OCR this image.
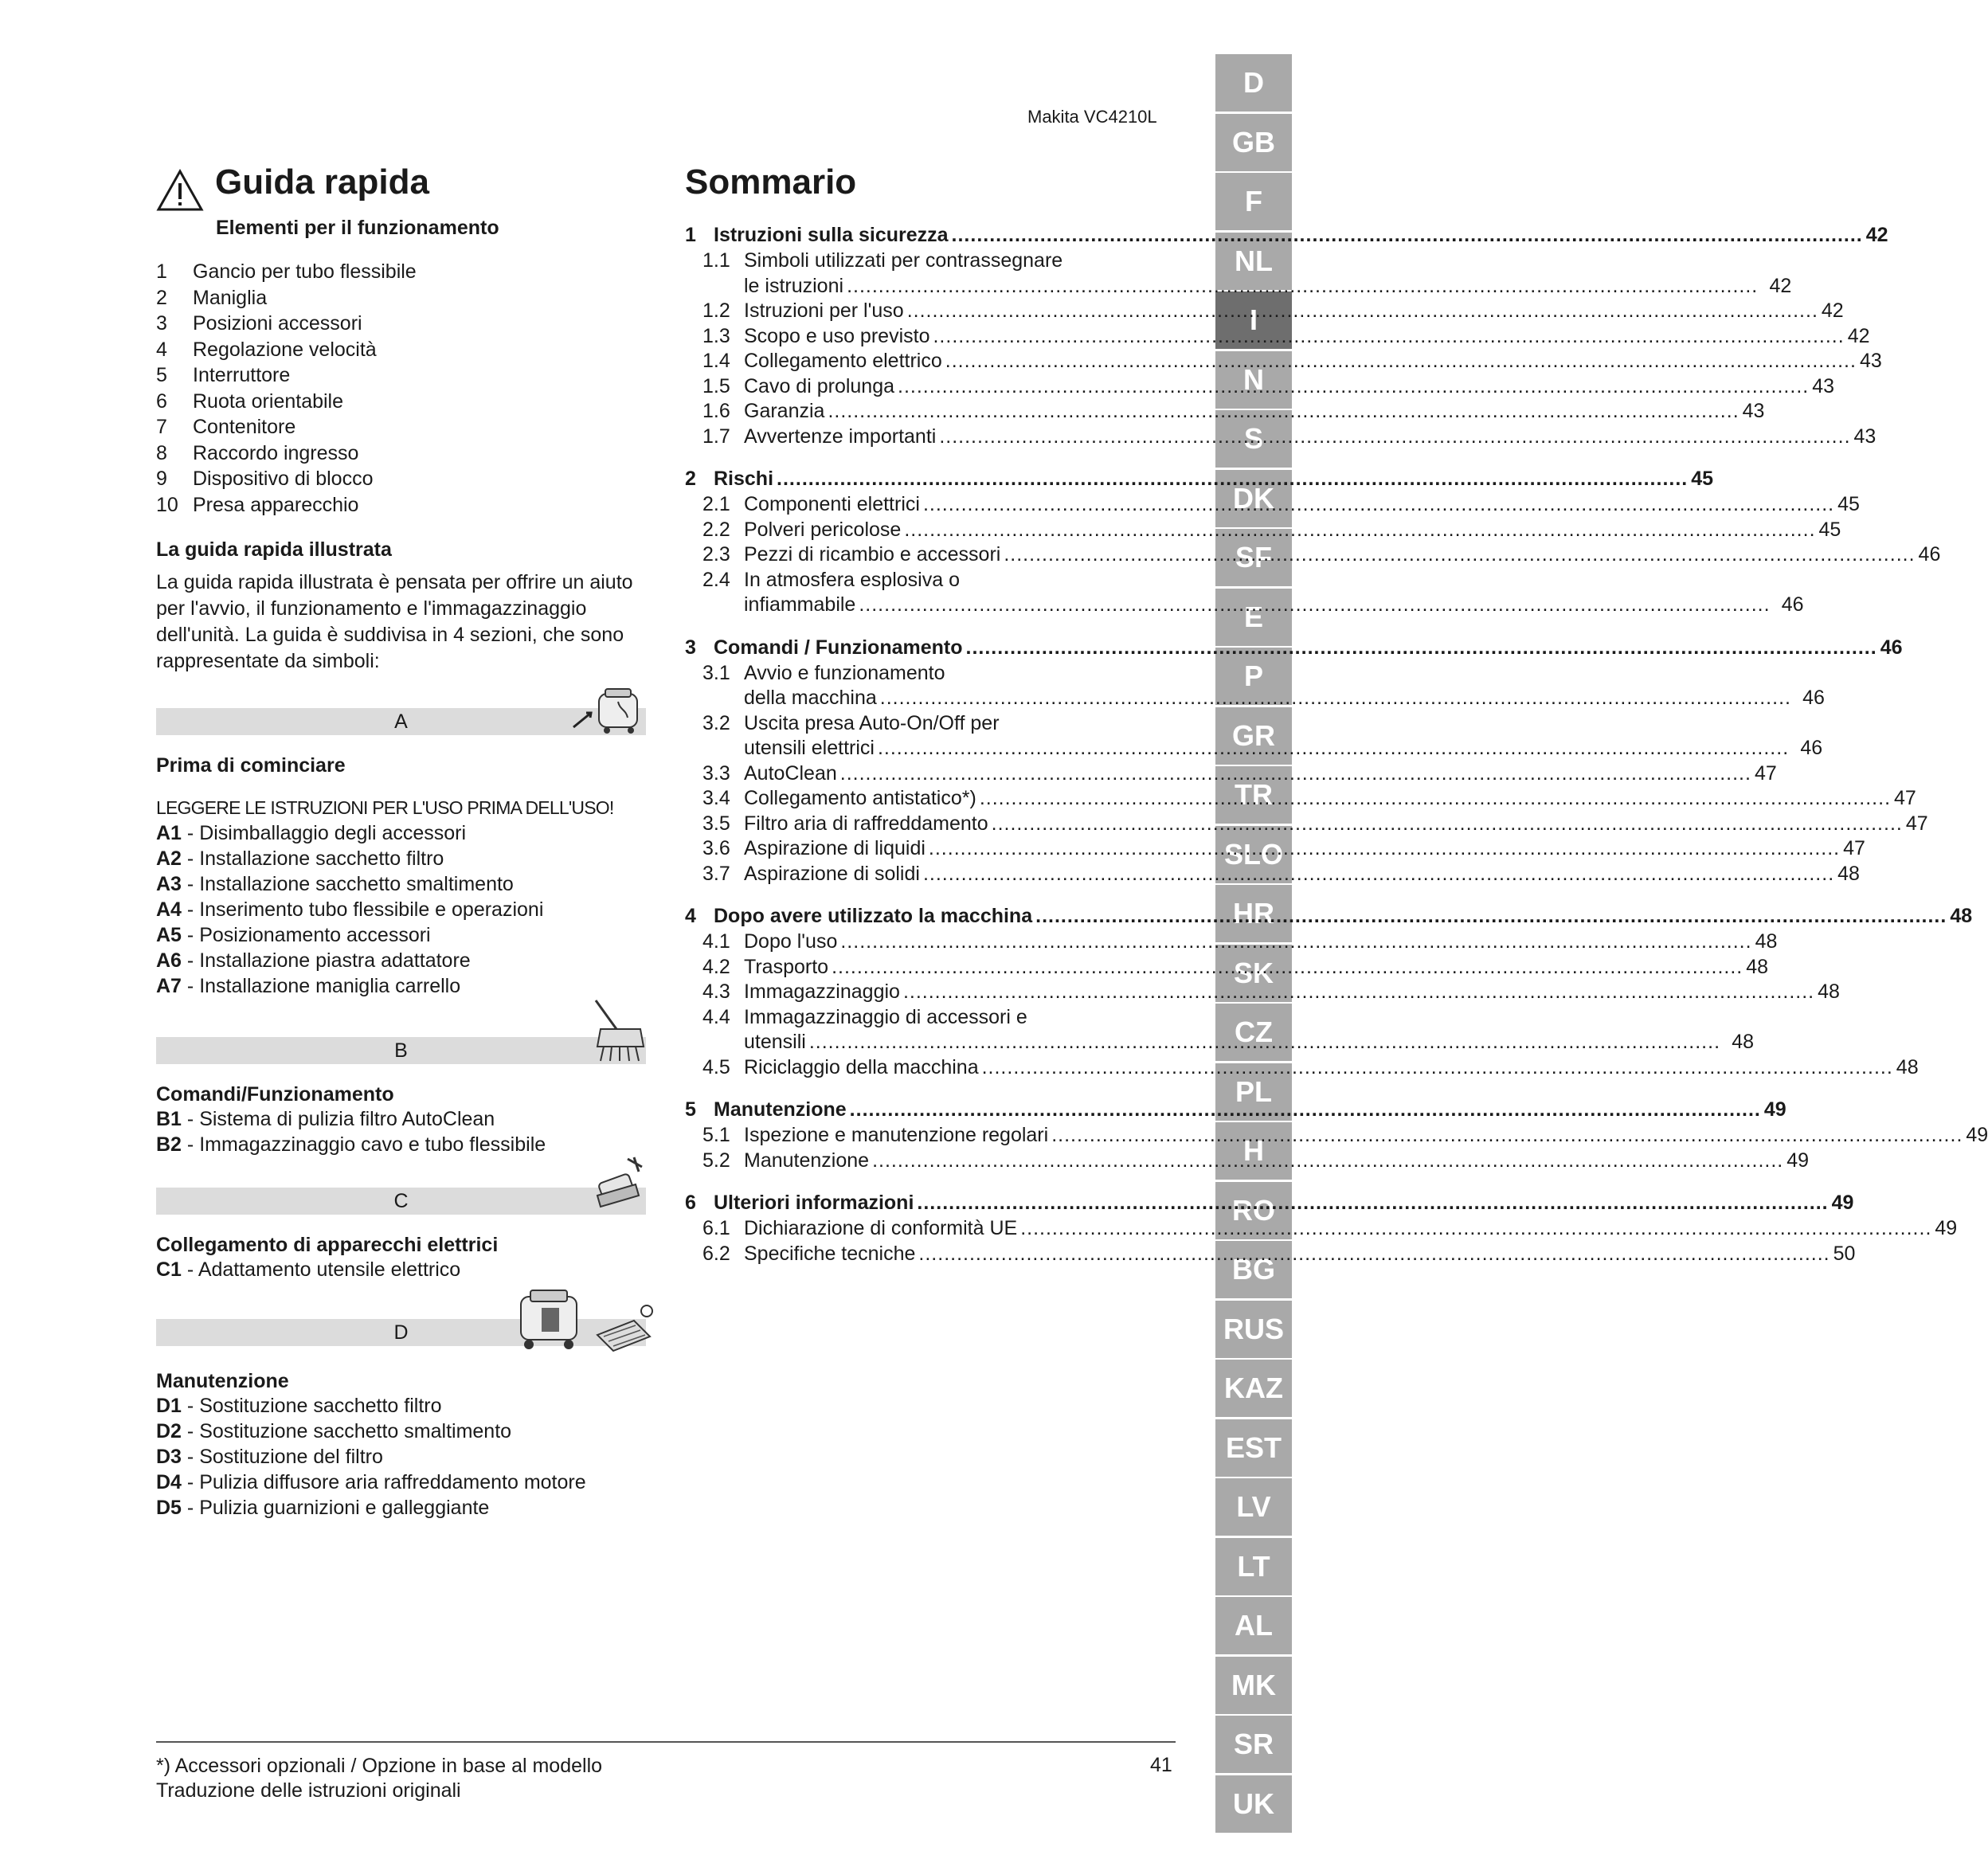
Makita VC4210L
D
GB
F
NL
I
N
S
DK
SF
E
P
GR
TR
SLO
HR
SK
CZ
PL
H
RO
BG
RUS
KAZ
EST
LV
LT
AL
MK
SR
UK
Guida rapida
Elementi per il funzionamento
1 Gancio per tubo flessibile
2 Maniglia
3 Posizioni accessori
4 Regolazione velocità
5 Interruttore
6 Ruota orientabile
7 Contenitore
8 Raccordo ingresso
9 Dispositivo di blocco
10 Presa apparecchio
La guida rapida illustrata

La guida rapida illustrata è pensata per offrire un aiuto per l'avvio, il funzionamento e l'immagazzinaggio dell'unità. La guida è suddivisa in 4 sezioni, che sono rappresentate da simboli:

A
Prima di cominciare
LEGGERE LE ISTRUZIONI PER L'USO PRIMA DELL'USO!
A1 - Disimballaggio degli accessori
A2 - Installazione sacchetto filtro
A3 - Installazione sacchetto smaltimento
A4 - Inserimento tubo flessibile e operazioni
A5 - Posizionamento accessori
A6 - Installazione piastra adattatore
A7 - Installazione maniglia carrello
B
Comandi/Funzionamento
B1 - Sistema di pulizia filtro AutoClean
B2 - Immagazzinaggio cavo e tubo flessibile
C
Collegamento di apparecchi elettrici
C1 - Adattamento utensile elettrico
D
Manutenzione
D1 - Sostituzione sacchetto filtro
D2 - Sostituzione sacchetto smaltimento
D3 - Sostituzione del filtro
D4 - Pulizia diffusore aria raffreddamento motore
D5 - Pulizia guarnizioni e galleggiante
Sommario
1 Istruzioni sulla sicurezza .....	42
1.1 Simboli utilizzati per contrassegnare
le istruzioni .....	42
1.2 Istruzioni per l'uso .....	42
1.3 Scopo e uso previsto .....	42
1.4 Collegamento elettrico .....	43
1.5 Cavo di prolunga .....	43
1.6 Garanzia .....	43
1.7 Avvertenze importanti .....	43
2 Rischi .....	45
2.1 Componenti elettrici .....	45
2.2 Polveri pericolose .....	45
2.3 Pezzi di ricambio e accessori .....	46
2.4 In atmosfera esplosiva o
infiammabile .....	46
3 Comandi / Funzionamento .....	46
3.1 Avvio e funzionamento
della macchina .....	46
3.2 Uscita presa Auto-On/Off per
utensili elettrici .....	46
3.3 AutoClean .....	47
3.4 Collegamento antistatico*) .....	47
3.5 Filtro aria di raffreddamento .....	47
3.6 Aspirazione di liquidi .....	47
3.7 Aspirazione di solidi .....	48
4 Dopo avere utilizzato la macchina .....	48
4.1 Dopo l'uso .....	48
4.2 Trasporto .....	48
4.3 Immagazzinaggio .....	48
4.4 Immagazzinaggio di accessori e
utensili .....	48
4.5 Riciclaggio della macchina .....	48
5 Manutenzione .....	49
5.1 Ispezione e manutenzione regolari .....	49
5.2 Manutenzione .....	49
6 Ulteriori informazioni .....	49
6.1 Dichiarazione di conformità UE .....	49
6.2 Specifiche tecniche .....	50
*) Accessori opzionali / Opzione in base al modello
Traduzione delle istruzioni originali
41
